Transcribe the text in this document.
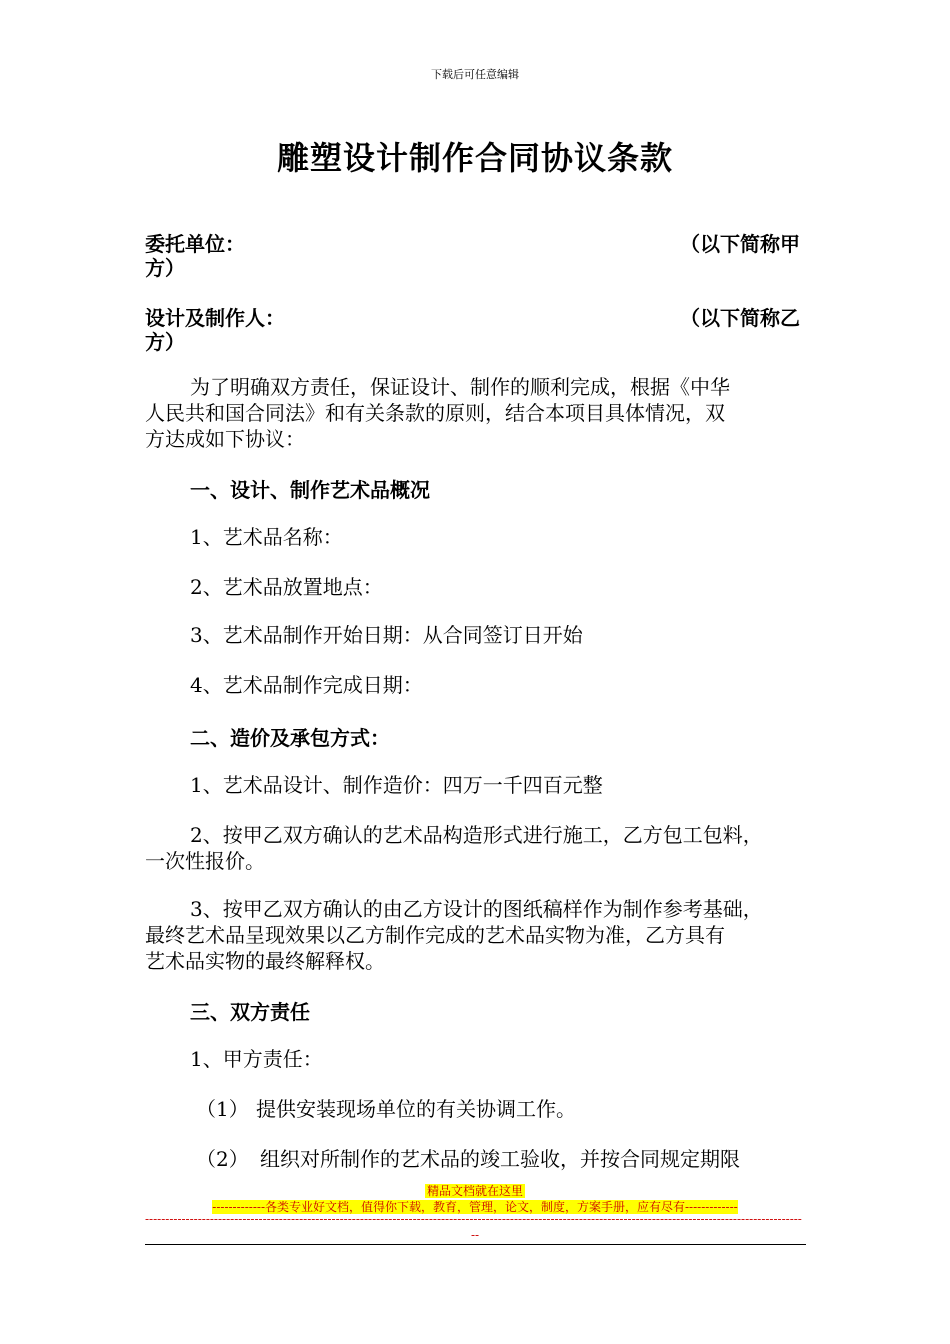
下载后可任意编辑
雕塑设计制作合同协议条款
委托单位：	（以下简称甲
方）
设计及制作人：	（以下简称乙
方）
为了明确双方责任，保证设计、制作的顺利完成，根据《中华
人民共和国合同法》和有关条款的原则，结合本项目具体情况，双
方达成如下协议：
一、设计、制作艺术品概况
1、艺术品名称：
2、艺术品放置地点：
3、艺术品制作开始日期：从合同签订日开始
4、艺术品制作完成日期：
二、造价及承包方式：
1、艺术品设计、制作造价：四万一千四百元整
2、按甲乙双方确认的艺术品构造形式进行施工，乙方包工包料，
一次性报价。
3、按甲乙双方确认的由乙方设计的图纸稿样作为制作参考基础，
最终艺术品呈现效果以乙方制作完成的艺术品实物为准，乙方具有
艺术品实物的最终解释权。
三、双方责任
1、甲方责任：
（1） 提供安装现场单位的有关协调工作。
（2） 组织对所制作的艺术品的竣工验收，并按合同规定期限
精品文档就在这里
-------------各类专业好文档，值得你下载，教育，管理，论文，制度，方案手册，应有尽有-------------
------------------------------------------------------------------------------------------------------------------------------------------------------------------
--
